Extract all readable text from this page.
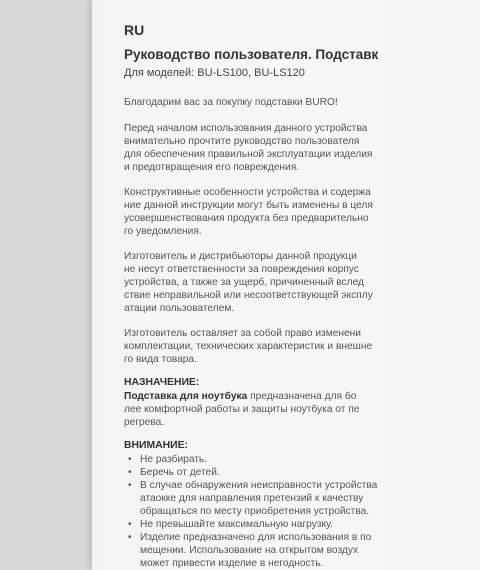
RU
Руководство пользователя. Подставк
Для моделей: BU-LS100, BU-LS120
Благодарим вас за покупку подставки BURO!
Перед началом использования данного устройства
внимательно прочтите руководство пользователя
для обеспечения правильной эксплуатации изделия
и предотвращения его повреждения.
Конструктивные особенности устройства и содержа
ние данной инструкции могут быть изменены в целя
усовершенствования продукта без предварительно
го уведомления.
Изготовитель и дистрибьюторы данной продукци
не несут ответственности за повреждения корпус
устройства, а также за ущерб, причиненный вслед
ствие неправильной или несоответствующей эксплу
атации пользователем.
Изготовитель оставляет за собой право изменени
комплектации, технических характеристик и внешне
го вида товара.
НАЗНАЧЕНИЕ:
Подставка для ноутбука предназначена для бо
лее комфортной работы и защиты ноутбука от пе
регрева.
ВНИМАНИЕ:
• Не разбирать.
• Беречь от детей.
• В случае обнаружения неисправности устройства
атаокке для направления претензий к качеству
обращаться по месту приобретения устройства.
• Не превышайте максимальную нагрузку.
• Изделие предназначено для использования в по
мещении. Использование на открытом воздух
может привести изделие в негодность.
